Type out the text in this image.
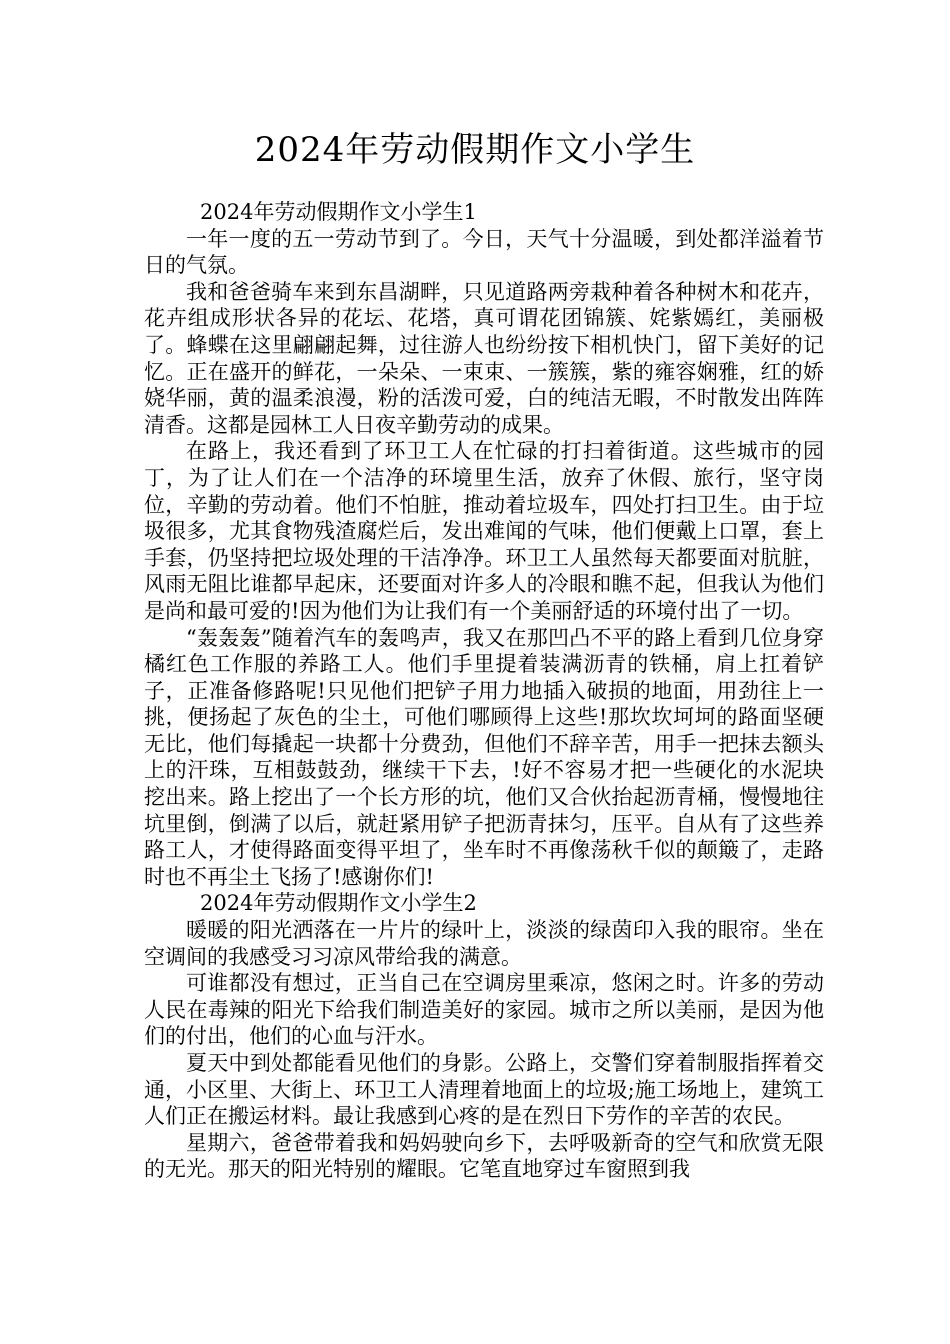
2024年劳动假期作文小学生

2024年劳动假期作文小学生1

一年一度的五一劳动节到了。今日，天气十分温暖，到处都洋溢着节日的气氛。

我和爸爸骑车来到东昌湖畔，只见道路两旁栽种着各种树木和花卉，花卉组成形状各异的花坛、花塔，真可谓花团锦簇、姹紫嫣红，美丽极了。蜂蝶在这里翩翩起舞，过往游人也纷纷按下相机快门，留下美好的记忆。正在盛开的鲜花，一朵朵、一束束、一簇簇，紫的雍容娴雅，红的娇娆华丽，黄的温柔浪漫，粉的活泼可爱，白的纯洁无暇，不时散发出阵阵清香。这都是园林工人日夜辛勤劳动的成果。

在路上，我还看到了环卫工人在忙碌的打扫着街道。这些城市的园丁，为了让人们在一个洁净的环境里生活，放弃了休假、旅行，坚守岗位，辛勤的劳动着。他们不怕脏，推动着垃圾车，四处打扫卫生。由于垃圾很多，尤其食物残渣腐烂后，发出难闻的气味，他们便戴上口罩，套上手套，仍坚持把垃圾处理的干洁净净。环卫工人虽然每天都要面对肮脏，风雨无阻比谁都早起床，还要面对许多人的冷眼和瞧不起，但我认为他们是尚和最可爱的!因为他们为让我们有一个美丽舒适的环境付出了一切。

“轰轰轰”随着汽车的轰鸣声，我又在那凹凸不平的路上看到几位身穿橘红色工作服的养路工人。他们手里提着装满沥青的铁桶，肩上扛着铲子，正准备修路呢!只见他们把铲子用力地插入破损的地面，用劲往上一挑，便扬起了灰色的尘土，可他们哪顾得上这些!那坎坎坷坷的路面坚硬无比，他们每撬起一块都十分费劲，但他们不辞辛苦，用手一把抹去额头上的汗珠，互相鼓鼓劲，继续干下去，!好不容易才把一些硬化的水泥块挖出来。路上挖出了一个长方形的坑，他们又合伙抬起沥青桶，慢慢地往坑里倒，倒满了以后，就赶紧用铲子把沥青抹匀，压平。自从有了这些养路工人，才使得路面变得平坦了，坐车时不再像荡秋千似的颠簸了，走路时也不再尘土飞扬了!感谢你们!

2024年劳动假期作文小学生2

暖暖的阳光洒落在一片片的绿叶上，淡淡的绿茵印入我的眼帘。坐在空调间的我感受习习凉风带给我的满意。

可谁都没有想过，正当自己在空调房里乘凉，悠闲之时。许多的劳动人民在毒辣的阳光下给我们制造美好的家园。城市之所以美丽，是因为他们的付出，他们的心血与汗水。

夏天中到处都能看见他们的身影。公路上，交警们穿着制服指挥着交通，小区里、大街上、环卫工人清理着地面上的垃圾;施工场地上，建筑工人们正在搬运材料。最让我感到心疼的是在烈日下劳作的辛苦的农民。

星期六，爸爸带着我和妈妈驶向乡下，去呼吸新奇的空气和欣赏无限的无光。那天的阳光特别的耀眼。它笔直地穿过车窗照到我
